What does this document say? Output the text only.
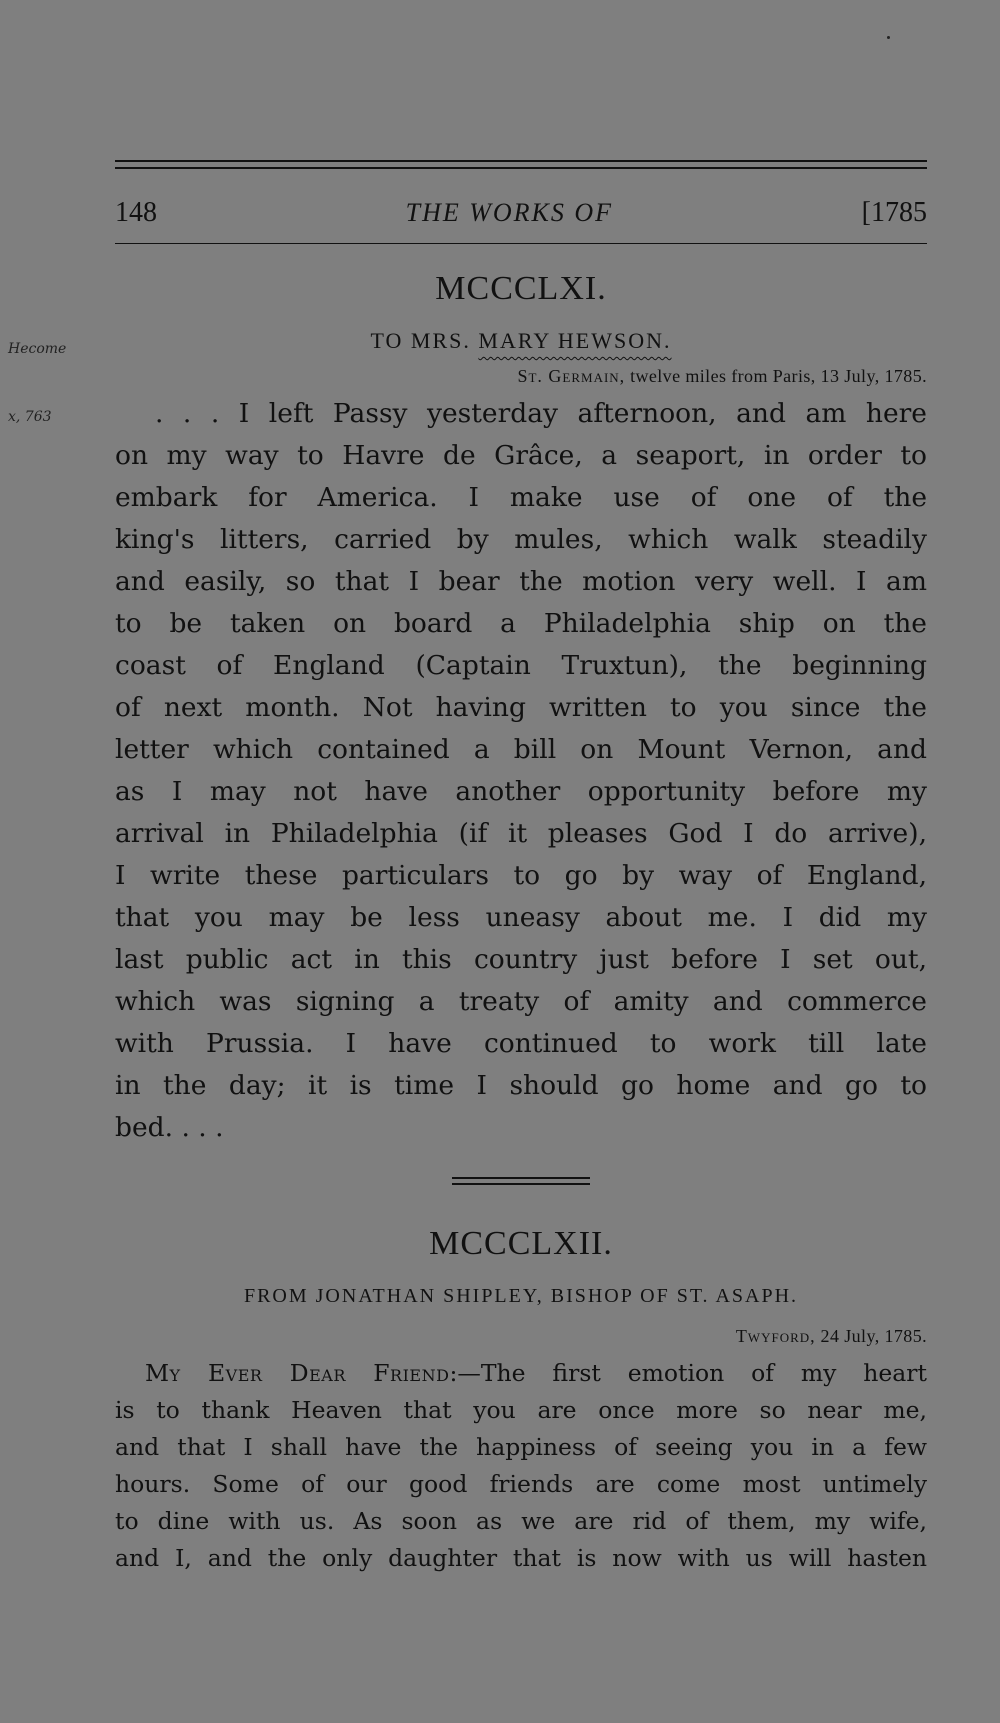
Hecome
x, 763
148	THE WORKS OF	[1785
MCCCLXI.
TO MRS. MARY HEWSON.
St. Germain, twelve miles from Paris, 13 July, 1785.
. . . I left Passy yesterday afternoon, and am here
on my way to Havre de Grâce, a seaport, in order to
embark for America. I make use of one of the
king's litters, carried by mules, which walk steadily
and easily, so that I bear the motion very well. I am
to be taken on board a Philadelphia ship on the
coast of England (Captain Truxtun), the beginning
of next month. Not having written to you since the
letter which contained a bill on Mount Vernon, and
as I may not have another opportunity before my
arrival in Philadelphia (if it pleases God I do arrive),
I write these particulars to go by way of England,
that you may be less uneasy about me. I did my
last public act in this country just before I set out,
which was signing a treaty of amity and commerce
with Prussia. I have continued to work till late
in the day; it is time I should go home and go to
bed. . . .
MCCCLXII.
FROM JONATHAN SHIPLEY, BISHOP OF ST. ASAPH.
Twyford, 24 July, 1785.
My Ever Dear Friend:—The first emotion of my heart
is to thank Heaven that you are once more so near me,
and that I shall have the happiness of seeing you in a few
hours. Some of our good friends are come most untimely
to dine with us. As soon as we are rid of them, my wife,
and I, and the only daughter that is now with us will hasten
